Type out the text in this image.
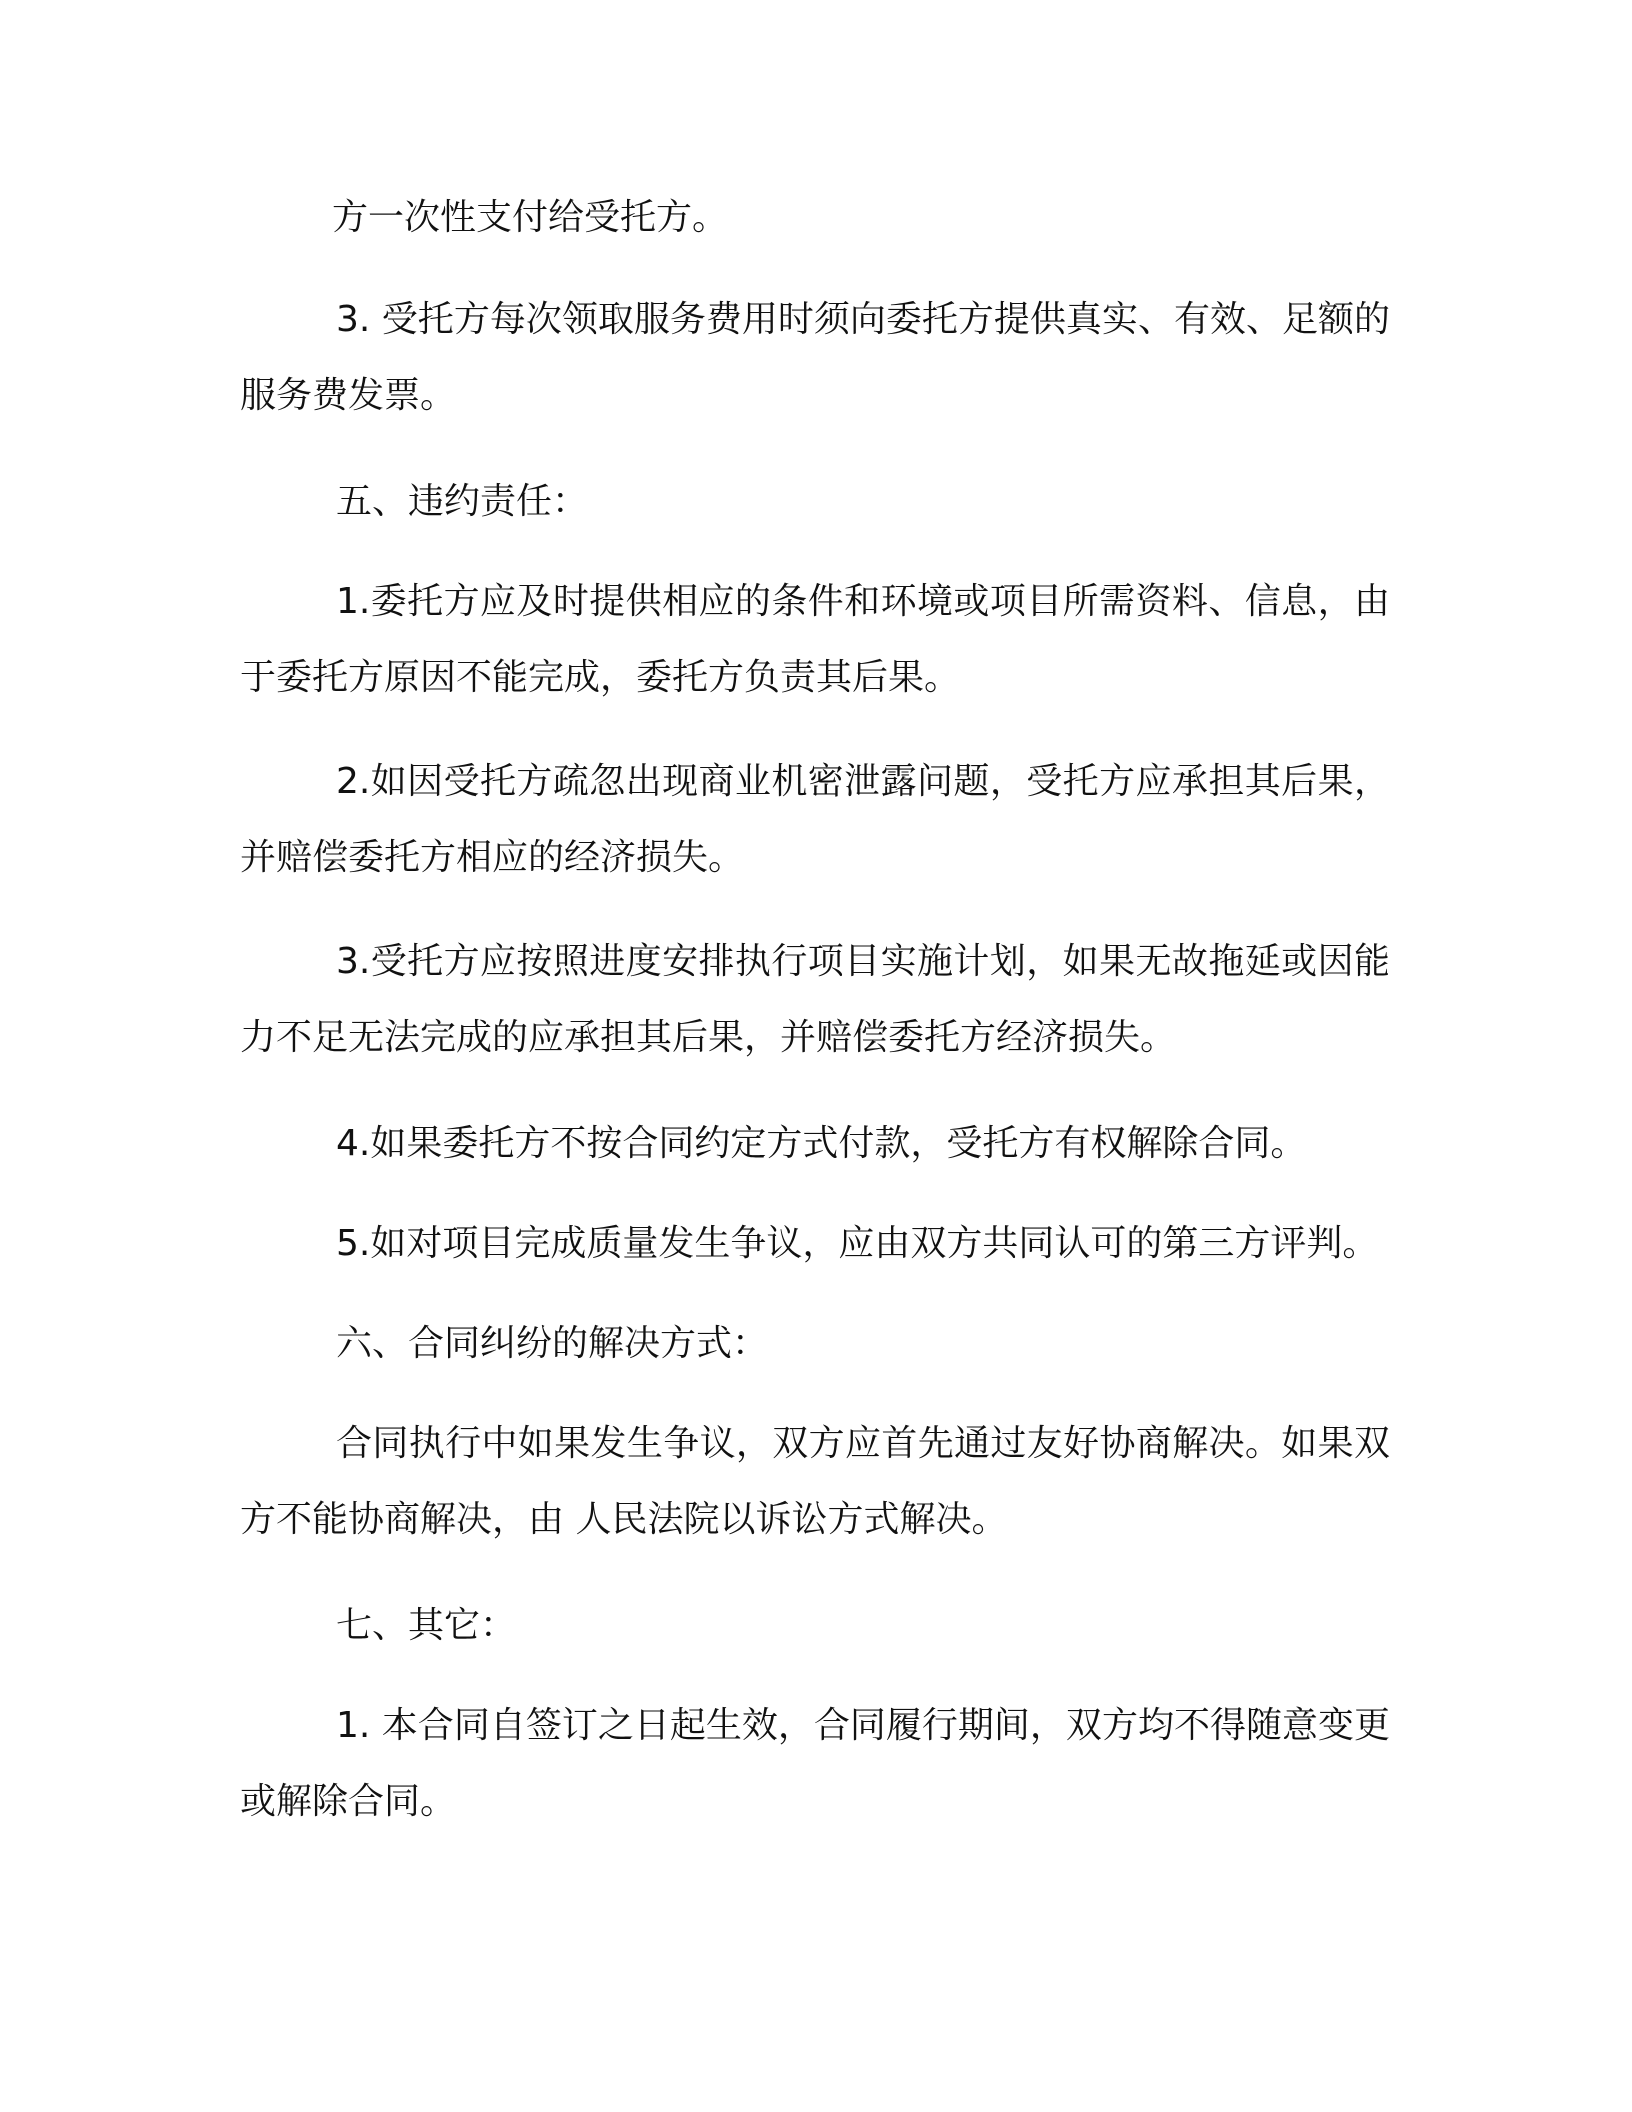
方一次性支付给受托方。

3. 受托方每次领取服务费用时须向委托方提供真实、有效、足额的服务费发票。

五、违约责任：

1.委托方应及时提供相应的条件和环境或项目所需资料、信息，由于委托方原因不能完成，委托方负责其后果。

2.如因受托方疏忽出现商业机密泄露问题，受托方应承担其后果，并赔偿委托方相应的经济损失。

3.受托方应按照进度安排执行项目实施计划，如果无故拖延或因能力不足无法完成的应承担其后果，并赔偿委托方经济损失。

4.如果委托方不按合同约定方式付款，受托方有权解除合同。

5.如对项目完成质量发生争议，应由双方共同认可的第三方评判。

六、合同纠纷的解决方式：

合同执行中如果发生争议，双方应首先通过友好协商解决。如果双方不能协商解决，由 人民法院以诉讼方式解决。

七、其它：

1. 本合同自签订之日起生效，合同履行期间，双方均不得随意变更或解除合同。
